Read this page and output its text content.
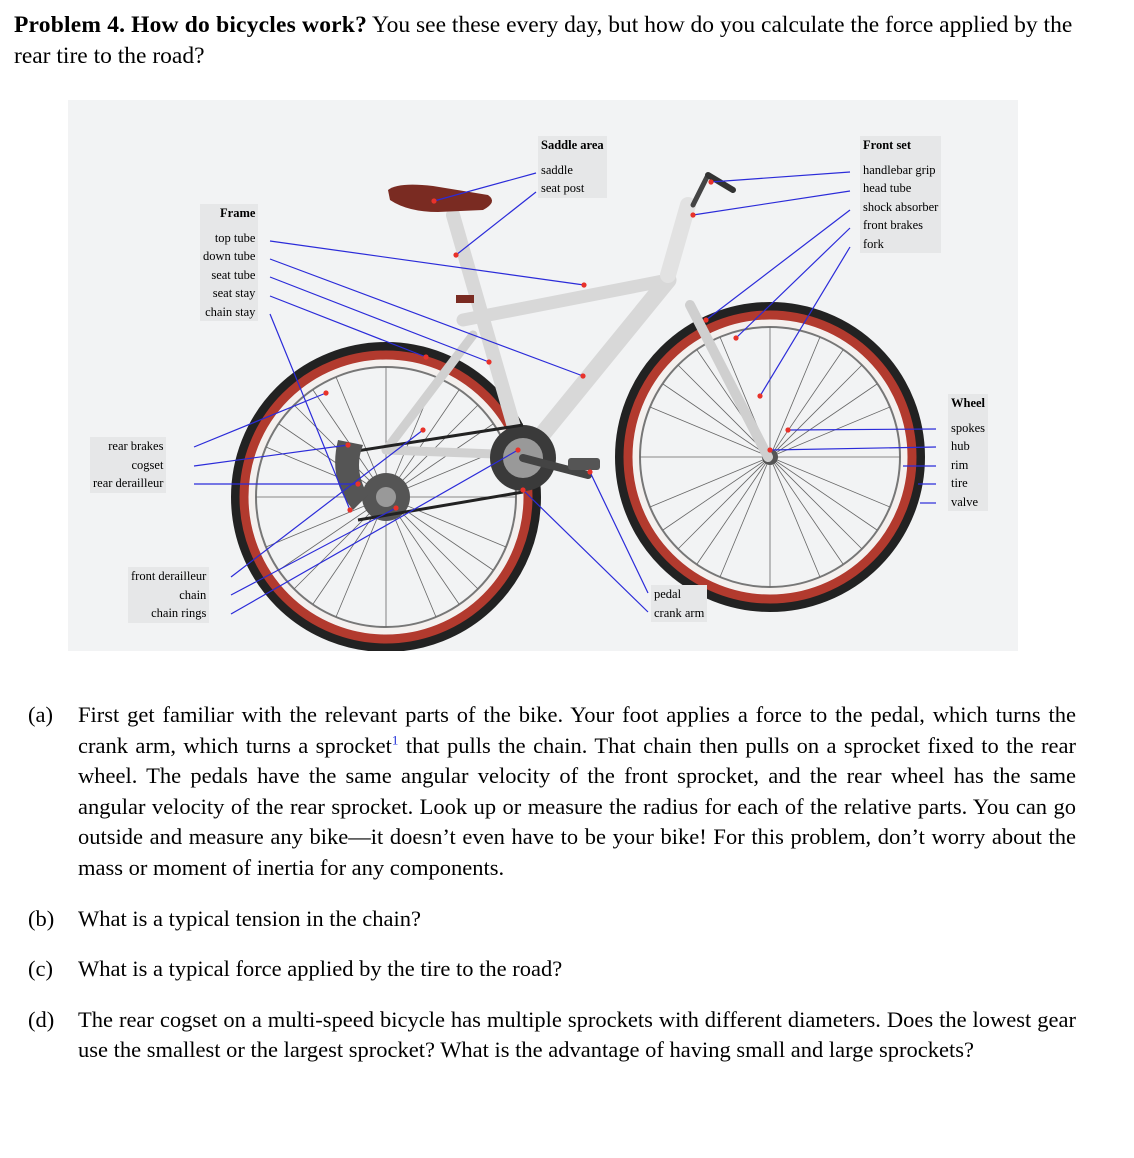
Problem 4. How do bicycles work? You see these every day, but how do you calculate the force applied by the rear tire to the road?
Saddle area
saddle
seat post
Front set
handlebar grip
head tube
shock absorber
front brakes
fork
Frame
top tube
down tube
seat tube
seat stay
chain stay
Wheel
spokes
hub
rim
tire
valve
rear brakes
cogset
rear derailleur
front derailleur
chain
chain rings
pedal
crank arm
(a) First get familiar with the relevant parts of the bike. Your foot applies a force to the pedal, which turns the crank arm, which turns a sprocket$^1$ that pulls the chain. That chain then pulls on a sprocket fixed to the rear wheel. The pedals have the same angular velocity of the front sprocket, and the rear wheel has the same angular velocity of the rear sprocket. Look up or measure the radius for each of the relative parts. You can go outside and measure any bike—it doesn’t even have to be your bike! For this problem, don’t worry about the mass or moment of inertia for any components.
(b) What is a typical tension in the chain?
(c) What is a typical force applied by the tire to the road?
(d) The rear cogset on a multi-speed bicycle has multiple sprockets with different diameters. Does the lowest gear use the smallest or the largest sprocket? What is the advantage of having small and large sprockets?
